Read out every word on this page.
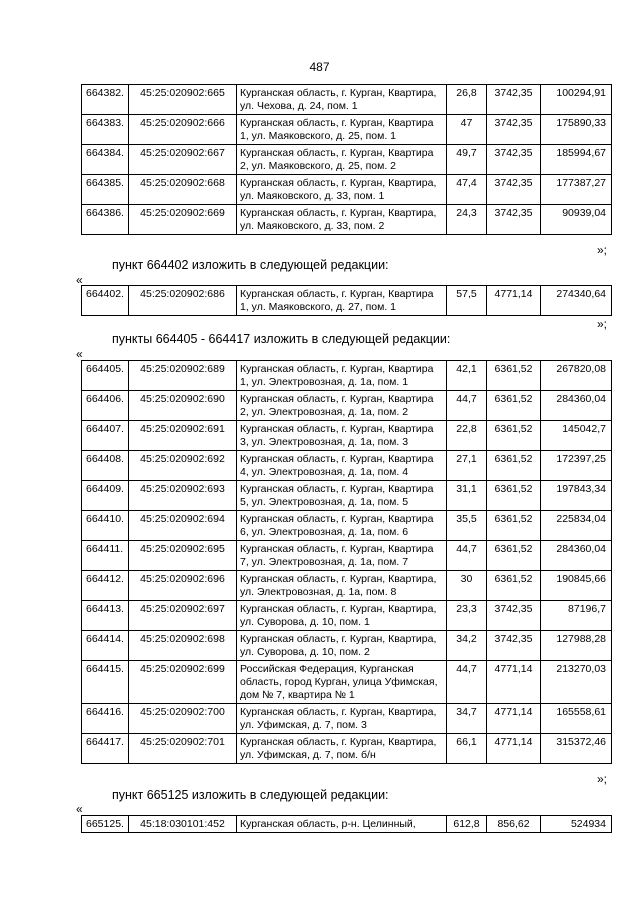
487
664382.	45:25:020902:665	Курганская область, г. Курган, Квартира, ул. Чехова, д. 24, пом. 1	26,8	3742,35	100294,91
664383.	45:25:020902:666	Курганская область, г. Курган, Квартира 1, ул. Маяковского, д. 25, пом. 1	47	3742,35	175890,33
664384.	45:25:020902:667	Курганская область, г. Курган, Квартира 2, ул. Маяковского, д. 25, пом. 2	49,7	3742,35	185994,67
664385.	45:25:020902:668	Курганская область, г. Курган, Квартира, ул. Маяковского, д. 33, пом. 1	47,4	3742,35	177387,27
664386.	45:25:020902:669	Курганская область, г. Курган, Квартира, ул. Маяковского, д. 33, пом. 2	24,3	3742,35	90939,04
»;
пункт 664402 изложить в следующей редакции:
«
664402.	45:25:020902:686	Курганская область, г. Курган, Квартира 1, ул. Маяковского, д. 27, пом. 1	57,5	4771,14	274340,64
»;
пункты 664405 - 664417 изложить в следующей редакции:
«
664405.	45:25:020902:689	Курганская область, г. Курган, Квартира 1, ул. Электровозная, д. 1а, пом. 1	42,1	6361,52	267820,08
664406.	45:25:020902:690	Курганская область, г. Курган, Квартира 2, ул. Электровозная, д. 1а, пом. 2	44,7	6361,52	284360,04
664407.	45:25:020902:691	Курганская область, г. Курган, Квартира 3, ул. Электровозная, д. 1а, пом. 3	22,8	6361,52	145042,7
664408.	45:25:020902:692	Курганская область, г. Курган, Квартира 4, ул. Электровозная, д. 1а, пом. 4	27,1	6361,52	172397,25
664409.	45:25:020902:693	Курганская область, г. Курган, Квартира 5, ул. Электровозная, д. 1а, пом. 5	31,1	6361,52	197843,34
664410.	45:25:020902:694	Курганская область, г. Курган, Квартира 6, ул. Электровозная, д. 1а, пом. 6	35,5	6361,52	225834,04
664411.	45:25:020902:695	Курганская область, г. Курган, Квартира 7, ул. Электровозная, д. 1а, пом. 7	44,7	6361,52	284360,04
664412.	45:25:020902:696	Курганская область, г. Курган, Квартира, ул. Электровозная, д. 1а, пом. 8	30	6361,52	190845,66
664413.	45:25:020902:697	Курганская область, г. Курган, Квартира, ул. Суворова, д. 10, пом. 1	23,3	3742,35	87196,7
664414.	45:25:020902:698	Курганская область, г. Курган, Квартира, ул. Суворова, д. 10, пом. 2	34,2	3742,35	127988,28
664415.	45:25:020902:699	Российская Федерация, Курганская область, город Курган, улица Уфимская, дом № 7, квартира № 1	44,7	4771,14	213270,03
664416.	45:25:020902:700	Курганская область, г. Курган, Квартира, ул. Уфимская, д. 7, пом. 3	34,7	4771,14	165558,61
664417.	45:25:020902:701	Курганская область, г. Курган, Квартира, ул. Уфимская, д. 7, пом. б/н	66,1	4771,14	315372,46
»;
пункт 665125 изложить в следующей редакции:
«
665125.	45:18:030101:452	Курганская область, р-н. Целинный,	612,8	856,62	524934
